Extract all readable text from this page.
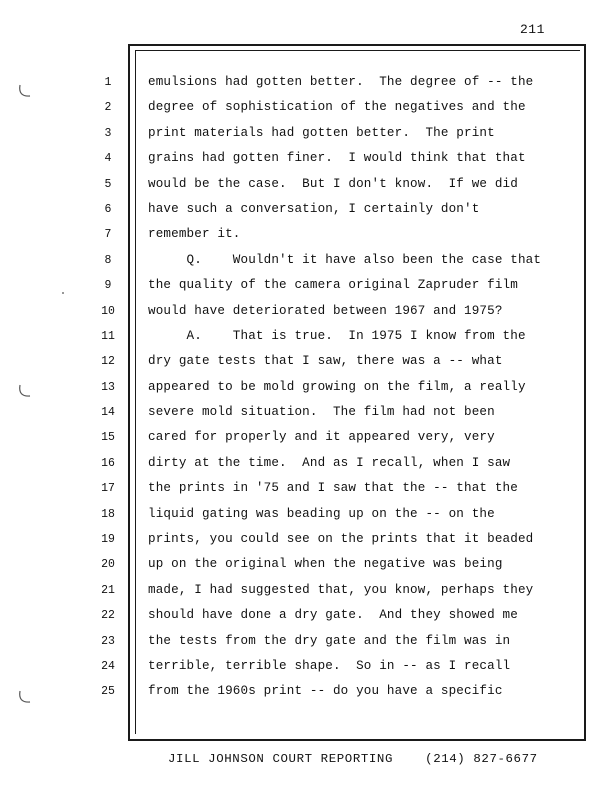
211
1
2
3
4
5
6
7
8
9
10
11
12
13
14
15
16
17
18
19
20
21
22
23
24
25
emulsions had gotten better.  The degree of -- the
degree of sophistication of the negatives and the
print materials had gotten better.  The print
grains had gotten finer.  I would think that that
would be the case.  But I don't know.  If we did
have such a conversation, I certainly don't
remember it.
Q.    Wouldn't it have also been the case that
the quality of the camera original Zapruder film
would have deteriorated between 1967 and 1975?
A.    That is true.  In 1975 I know from the
dry gate tests that I saw, there was a -- what
appeared to be mold growing on the film, a really
severe mold situation.  The film had not been
cared for properly and it appeared very, very
dirty at the time.  And as I recall, when I saw
the prints in '75 and I saw that the -- that the
liquid gating was beading up on the -- on the
prints, you could see on the prints that it beaded
up on the original when the negative was being
made, I had suggested that, you know, perhaps they
should have done a dry gate.  And they showed me
the tests from the dry gate and the film was in
terrible, terrible shape.  So in -- as I recall
from the 1960s print -- do you have a specific
JILL JOHNSON COURT REPORTING	(214) 827-6677
